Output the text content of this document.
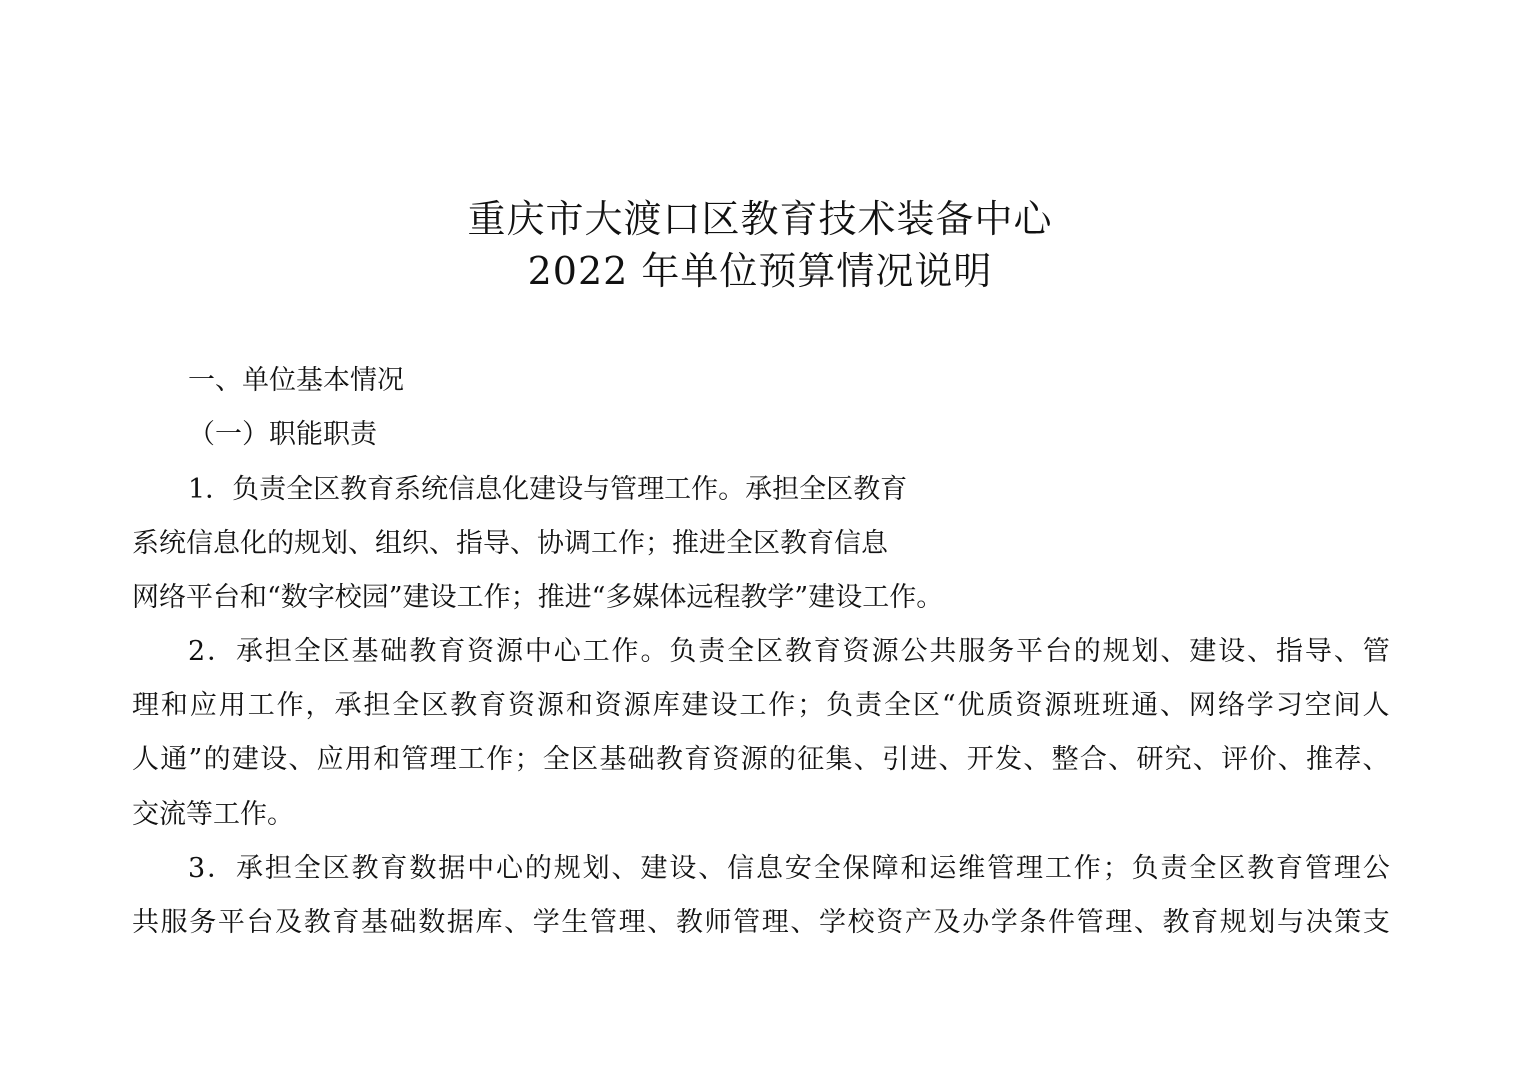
重庆市大渡口区教育技术装备中心
2022 年单位预算情况说明
一、单位基本情况
（一）职能职责
1．负责全区教育系统信息化建设与管理工作。承担全区教育
系统信息化的规划、组织、指导、协调工作；推进全区教育信息
网络平台和“数字校园”建设工作；推进“多媒体远程教学”建设工作。
2 ． 承 担 全 区 基 础 教 育 资 源 中 心 工 作 。 负 责 全 区 教 育 资 源 公 共 服 务 平 台 的 规 划 、 建 设 、 指 导 、 管
理 和 应 用 工 作 ， 承 担 全 区 教 育 资 源 和 资 源 库 建 设 工 作 ； 负 责 全 区 “ 优 质 资 源 班 班 通 、 网 络 学 习 空 间 人
人 通 ” 的 建 设 、 应 用 和 管 理 工 作 ； 全 区 基 础 教 育 资 源 的 征 集 、 引 进 、 开 发 、 整 合 、 研 究 、 评 价 、 推 荐 、
交流等工作。
3 ． 承 担 全 区 教 育 数 据 中 心 的 规 划 、 建 设 、 信 息 安 全 保 障 和 运 维 管 理 工 作 ； 负 责 全 区 教 育 管 理 公
共 服 务 平 台 及 教 育 基 础 数 据 库 、 学 生 管 理 、 教 师 管 理 、 学 校 资 产 及 办 学 条 件 管 理 、 教 育 规 划 与 决 策 支
